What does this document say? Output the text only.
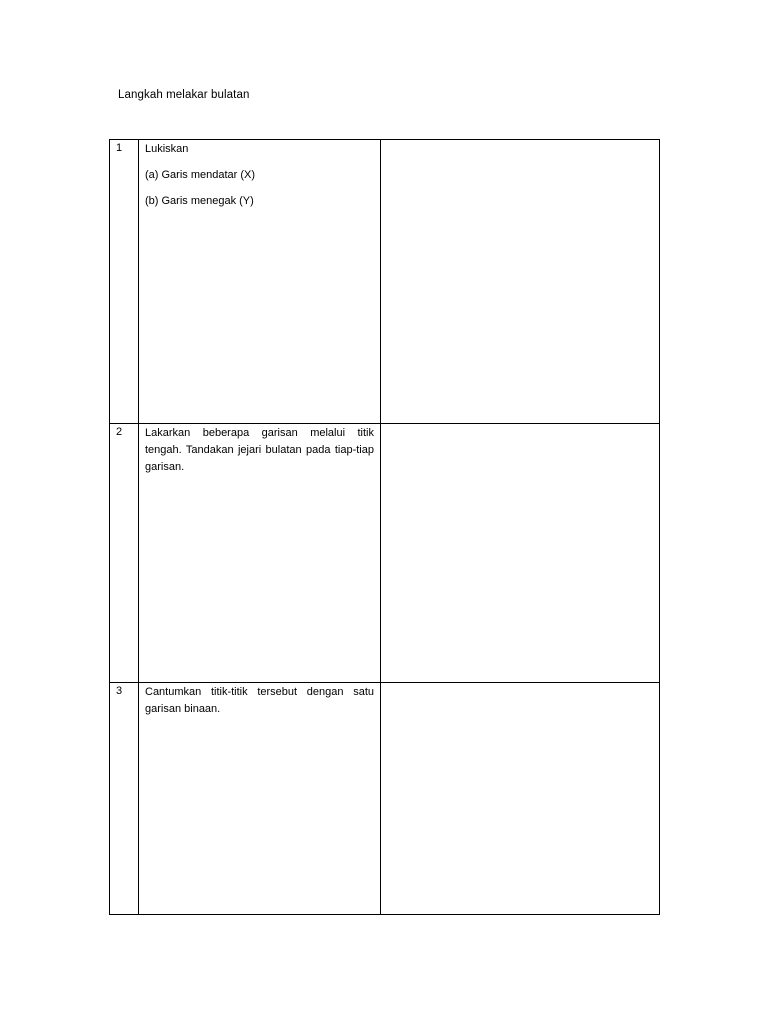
Langkah melakar bulatan
1	Lukiskan

(a) Garis mendatar (X)

(b) Garis menegak (Y)	

2	Lakarkan beberapa garisan melalui titik tengah. Tandakan jejari bulatan pada tiap-tiap garisan.	

3	Cantumkan titik-titik tersebut dengan satu garisan binaan.	
